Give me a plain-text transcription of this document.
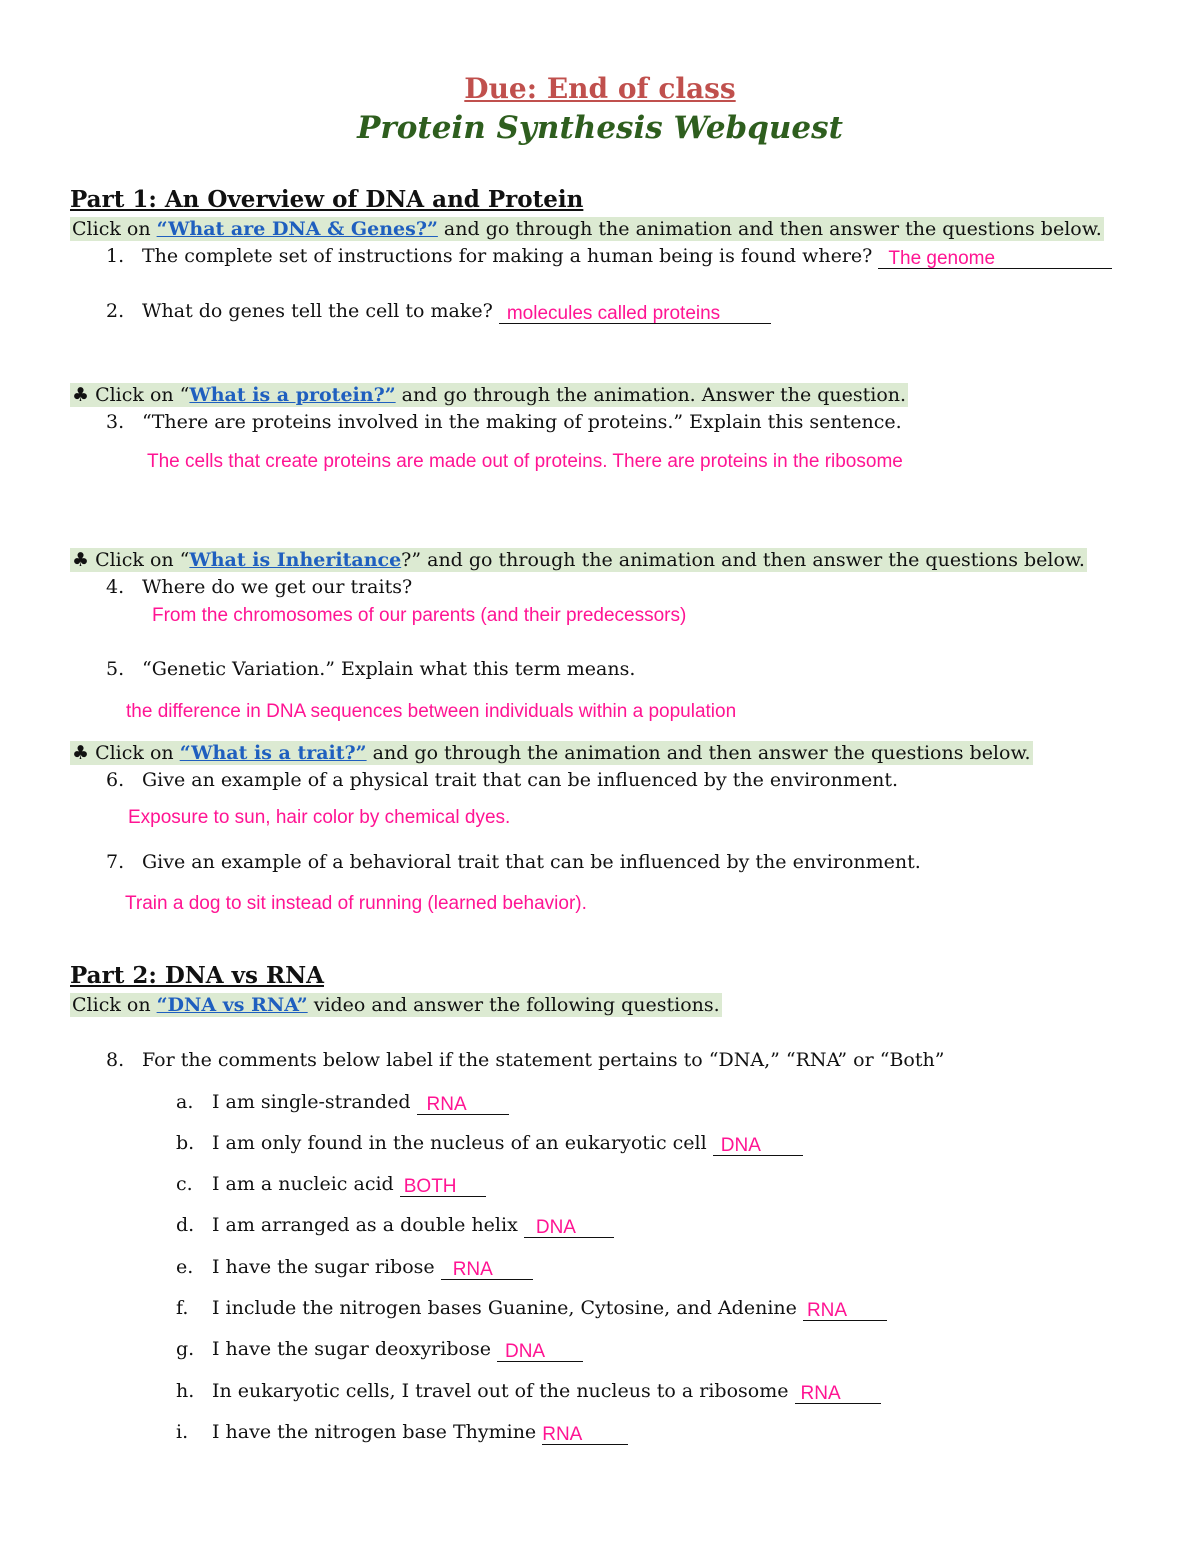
Due: End of class
Protein Synthesis Webquest
Part 1: An Overview of DNA and Protein
Click on “What are DNA & Genes?” and go through the animation and then answer the questions below.
1. The complete set of instructions for making a human being is found where? The genome
2. What do genes tell the cell to make? molecules called proteins
♣ Click on “What is a protein?” and go through the animation. Answer the question.
3. “There are proteins involved in the making of proteins.” Explain this sentence.
The cells that create proteins are made out of proteins. There are proteins in the ribosome
♣ Click on “What is Inheritance?” and go through the animation and then answer the questions below.
4. Where do we get our traits?
From the chromosomes of our parents (and their predecessors)
5. “Genetic Variation.” Explain what this term means.
the difference in DNA sequences between individuals within a population
♣ Click on “What is a trait?” and go through the animation and then answer the questions below.
6. Give an example of a physical trait that can be influenced by the environment.
Exposure to sun, hair color by chemical dyes.
7. Give an example of a behavioral trait that can be influenced by the environment.
Train a dog to sit instead of running (learned behavior).
Part 2: DNA vs RNA
Click on “DNA vs RNA” video and answer the following questions.
8. For the comments below label if the statement pertains to “DNA,” “RNA” or “Both”
a. I am single-stranded RNA
b. I am only found in the nucleus of an eukaryotic cell DNA
c. I am a nucleic acid BOTH
d. I am arranged as a double helix DNA
e. I have the sugar ribose RNA
f. I include the nitrogen bases Guanine, Cytosine, and Adenine RNA
g. I have the sugar deoxyribose DNA
h. In eukaryotic cells, I travel out of the nucleus to a ribosome RNA
i. I have the nitrogen base Thymine RNA
